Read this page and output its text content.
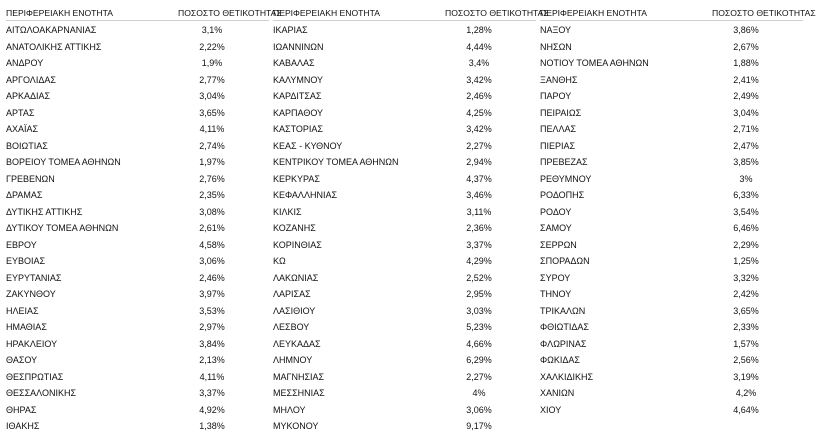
ΠΕΡΙΦΕΡΕΙΑΚΗ ΕΝΟΤΗΤΑ	ΠΟΣΟΣΤΟ ΘΕΤΙΚΟΤΗΤΑΣ
ΑΙΤΩΛΟΑΚΑΡΝΑΝΙΑΣ	3,1%
ΑΝΑΤΟΛΙΚΗΣ ΑΤΤΙΚΗΣ	2,22%
ΑΝΔΡΟΥ	1,9%
ΑΡΓΟΛΙΔΑΣ	2,77%
ΑΡΚΑΔΙΑΣ	3,04%
ΑΡΤΑΣ	3,65%
ΑΧΑΪΑΣ	4,11%
ΒΟΙΩΤΙΑΣ	2,74%
ΒΟΡΕΙΟΥ ΤΟΜΕΑ ΑΘΗΝΩΝ	1,97%
ΓΡΕΒΕΝΩΝ	2,76%
ΔΡΑΜΑΣ	2,35%
ΔΥΤΙΚΗΣ ΑΤΤΙΚΗΣ	3,08%
ΔΥΤΙΚΟΥ ΤΟΜΕΑ ΑΘΗΝΩΝ	2,61%
ΕΒΡΟΥ	4,58%
ΕΥΒΟΙΑΣ	3,06%
ΕΥΡΥΤΑΝΙΑΣ	2,46%
ΖΑΚΥΝΘΟΥ	3,97%
ΗΛΕΙΑΣ	3,53%
ΗΜΑΘΙΑΣ	2,97%
ΗΡΑΚΛΕΙΟΥ	3,84%
ΘΑΣΟΥ	2,13%
ΘΕΣΠΡΩΤΙΑΣ	4,11%
ΘΕΣΣΑΛΟΝΙΚΗΣ	3,37%
ΘΗΡΑΣ	4,92%
ΙΘΑΚΗΣ	1,38%
ΠΕΡΙΦΕΡΕΙΑΚΗ ΕΝΟΤΗΤΑ	ΠΟΣΟΣΤΟ ΘΕΤΙΚΟΤΗΤΑΣ
ΙΚΑΡΙΑΣ	1,28%
ΙΩΑΝΝΙΝΩΝ	4,44%
ΚΑΒΑΛΑΣ	3,4%
ΚΑΛΥΜΝΟΥ	3,42%
ΚΑΡΔΙΤΣΑΣ	2,46%
ΚΑΡΠΑΘΟΥ	4,25%
ΚΑΣΤΟΡΙΑΣ	3,42%
ΚΕΑΣ - ΚΥΘΝΟΥ	2,27%
ΚΕΝΤΡΙΚΟΥ ΤΟΜΕΑ ΑΘΗΝΩΝ	2,94%
ΚΕΡΚΥΡΑΣ	4,37%
ΚΕΦΑΛΛΗΝΙΑΣ	3,46%
ΚΙΛΚΙΣ	3,11%
ΚΟΖΑΝΗΣ	2,36%
ΚΟΡΙΝΘΙΑΣ	3,37%
ΚΩ	4,29%
ΛΑΚΩΝΙΑΣ	2,52%
ΛΑΡΙΣΑΣ	2,95%
ΛΑΣΙΘΙΟΥ	3,03%
ΛΕΣΒΟΥ	5,23%
ΛΕΥΚΑΔΑΣ	4,66%
ΛΗΜΝΟΥ	6,29%
ΜΑΓΝΗΣΙΑΣ	2,27%
ΜΕΣΣΗΝΙΑΣ	4%
ΜΗΛΟΥ	3,06%
ΜΥΚΟΝΟΥ	9,17%
ΠΕΡΙΦΕΡΕΙΑΚΗ ΕΝΟΤΗΤΑ	ΠΟΣΟΣΤΟ ΘΕΤΙΚΟΤΗΤΑΣ
ΝΑΞΟΥ	3,86%
ΝΗΣΩΝ	2,67%
ΝΟΤΙΟΥ ΤΟΜΕΑ ΑΘΗΝΩΝ	1,88%
ΞΑΝΘΗΣ	2,41%
ΠΑΡΟΥ	2,49%
ΠΕΙΡΑΙΩΣ	3,04%
ΠΕΛΛΑΣ	2,71%
ΠΙΕΡΙΑΣ	2,47%
ΠΡΕΒΕΖΑΣ	3,85%
ΡΕΘΥΜΝΟΥ	3%
ΡΟΔΟΠΗΣ	6,33%
ΡΟΔΟΥ	3,54%
ΣΑΜΟΥ	6,46%
ΣΕΡΡΩΝ	2,29%
ΣΠΟΡΑΔΩΝ	1,25%
ΣΥΡΟΥ	3,32%
ΤΗΝΟΥ	2,42%
ΤΡΙΚΑΛΩΝ	3,65%
ΦΘΙΩΤΙΔΑΣ	2,33%
ΦΛΩΡΙΝΑΣ	1,57%
ΦΩΚΙΔΑΣ	2,56%
ΧΑΛΚΙΔΙΚΗΣ	3,19%
ΧΑΝΙΩΝ	4,2%
ΧΙΟΥ	4,64%
